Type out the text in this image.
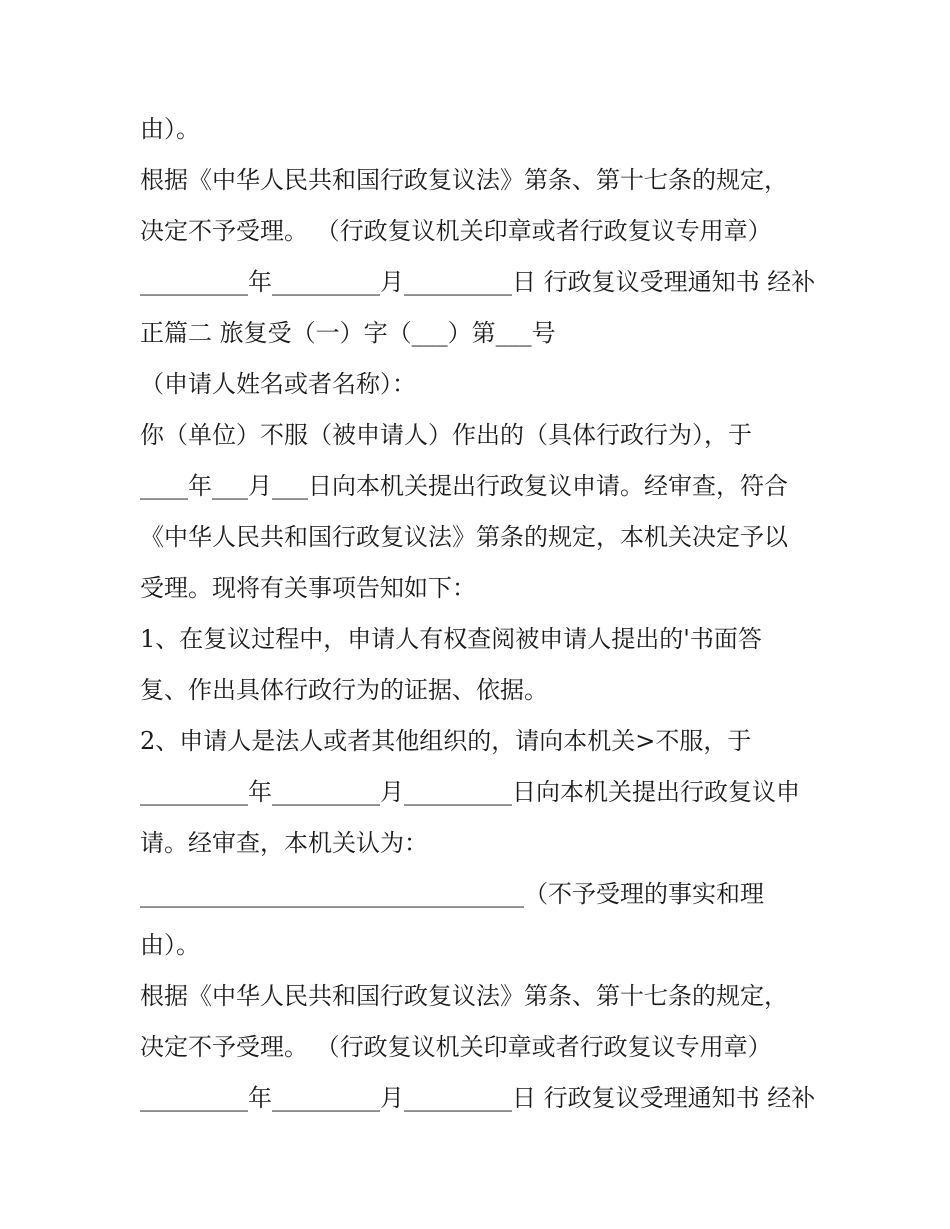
由）。
根据《中华人民共和国行政复议法》第条、第十七条的规定，
决定不予受理。 （行政复议机关印章或者行政复议专用章）
_________年_________月_________日 行政复议受理通知书 经补
正篇二 旅复受（一）字（___）第___号
（申请人姓名或者名称）：
你（单位）不服（被申请人）作出的（具体行政行为），于
____年___月___日向本机关提出行政复议申请。经审查，符合
《中华人民共和国行政复议法》第条的规定，本机关决定予以
受理。现将有关事项告知如下：
1、在复议过程中，申请人有权查阅被申请人提出的'书面答
复、作出具体行政行为的证据、依据。
2、申请人是法人或者其他组织的，请向本机关>不服，于
_________年_________月_________日向本机关提出行政复议申
请。经审查，本机关认为：
________________________________（不予受理的事实和理
由）。
根据《中华人民共和国行政复议法》第条、第十七条的规定，
决定不予受理。 （行政复议机关印章或者行政复议专用章）
_________年_________月_________日 行政复议受理通知书 经补
